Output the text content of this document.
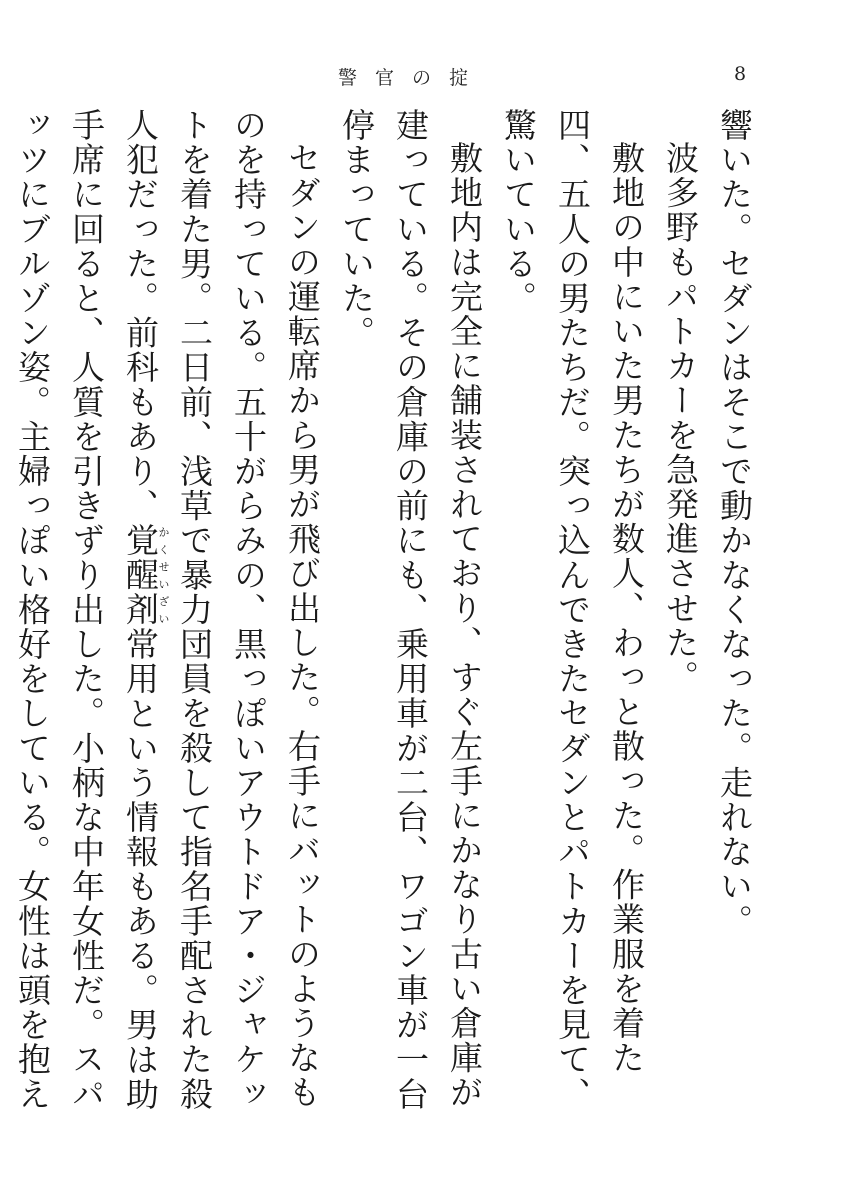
警官の掟	8

響いた。セダンはそこで動かなくなった。走れない。

波多野もパトカーを急発進させた。

敷地の中にいた男たちが数人、わっと散った。作業服を着た四、五人の男たちだ。突っ込んできたセダンとパトカーを見て、驚いている。

敷地内は完全に舗装されており、すぐ左手にかなり古い倉庫が建っている。その倉庫の前にも、乗用車が二台、ワゴン車が一台停まっていた。

セダンの運転席から男が飛び出した。右手にバットのようなものを持っている。五十がらみの、黒っぽいアウトドア・ジャケットを着た男。二日前、浅草で暴力団員を殺して指名手配された殺人犯だった。前科もあり、覚醒剤かくせいざい常用という情報もある。男は助手席に回ると、人質を引きずり出した。小柄な中年女性だ。スパッツにブルゾン姿。主婦っぽい格好をしている。女性は頭を抱え
